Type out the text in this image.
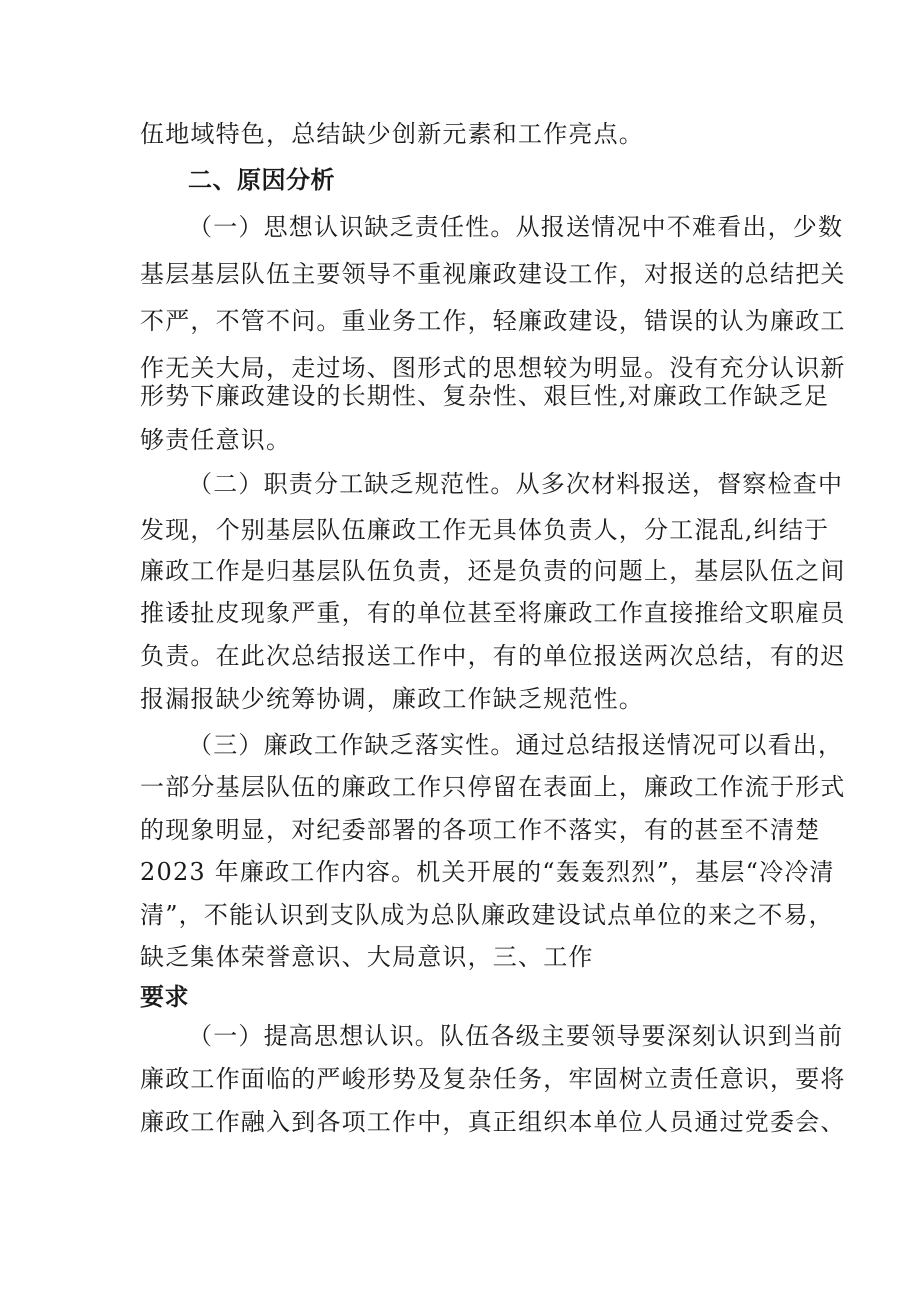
伍地域特色，总结缺少创新元素和工作亮点。
二、原因分析
（一）思想认识缺乏责任性。从报送情况中不难看出，少数
基层基层队伍主要领导不重视廉政建设工作，对报送的总结把关
不严，不管不问。重业务工作，轻廉政建设，错误的认为廉政工
作无关大局，走过场、图形式的思想较为明显。没有充分认识新
形势下廉政建设的长期性、复杂性、艰巨性,对廉政工作缺乏足
够责任意识。
（二）职责分工缺乏规范性。从多次材料报送，督察检查中
发现，个别基层队伍廉政工作无具体负责人，分工混乱,纠结于
廉政工作是归基层队伍负责，还是负责的问题上，基层队伍之间
推诿扯皮现象严重，有的单位甚至将廉政工作直接推给文职雇员
负责。在此次总结报送工作中，有的单位报送两次总结，有的迟
报漏报缺少统筹协调，廉政工作缺乏规范性。
（三）廉政工作缺乏落实性。通过总结报送情况可以看出，
一部分基层队伍的廉政工作只停留在表面上，廉政工作流于形式
的现象明显，对纪委部署的各项工作不落实，有的甚至不清楚
2023 年廉政工作内容。机关开展的“轰轰烈烈”，基层“冷冷清
清”，不能认识到支队成为总队廉政建设试点单位的来之不易，
缺乏集体荣誉意识、大局意识，三、工作
要求
（一）提高思想认识。队伍各级主要领导要深刻认识到当前
廉政工作面临的严峻形势及复杂任务，牢固树立责任意识，要将
廉政工作融入到各项工作中，真正组织本单位人员通过党委会、
